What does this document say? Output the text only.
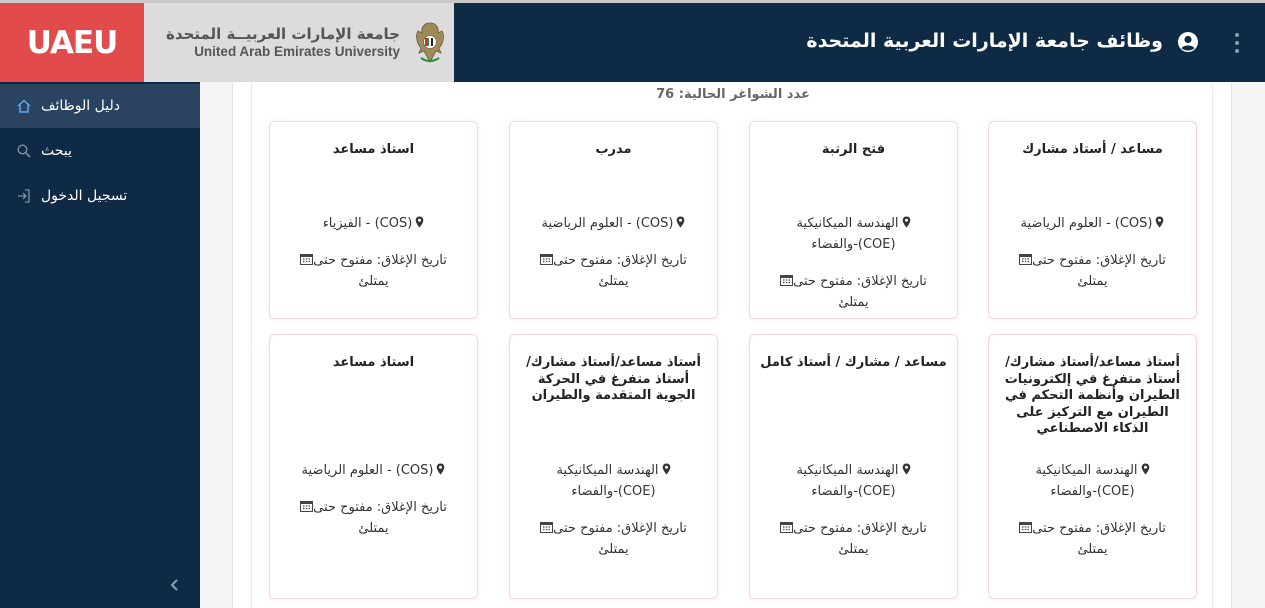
UAEU	جامعة الإمارات العربيــة المتحدة
United Arab Emirates University	وظائف جامعة الإمارات العربية المتحدة
دليل الوظائف
يبحث
تسجيل الدخول
عدد الشواغر الحالية: 76
مساعد / أستاذ مشارك
(COS) - العلوم الرياضية

تاريخ الإغلاق: مفتوح حتى
يمتلئ
فتح الرتبة
الهندسة الميكانيكية
(COE)-والفضاء
تاريخ الإغلاق: مفتوح حتى
يمتلئ
مدرب
(COS) - العلوم الرياضية

تاريخ الإغلاق: مفتوح حتى
يمتلئ
استاذ مساعد
(COS) - الفيزياء

تاريخ الإغلاق: مفتوح حتى
يمتلئ
أستاذ مساعد/أستاذ مشارك/ أستاذ متفرغ في إلكترونيات الطيران وأنظمة التحكم في الطيران مع التركيز على الذكاء الاصطناعي
الهندسة الميكانيكية
(COE)-والفضاء
تاريخ الإغلاق: مفتوح حتى
يمتلئ
مساعد / مشارك / أستاذ كامل
الهندسة الميكانيكية
(COE)-والفضاء
تاريخ الإغلاق: مفتوح حتى
يمتلئ
أستاذ مساعد/أستاذ مشارك/ أستاذ متفرغ في الحركة الجوية المتقدمة والطيران
الهندسة الميكانيكية
(COE)-والفضاء
تاريخ الإغلاق: مفتوح حتى
يمتلئ
استاذ مساعد
(COS) - العلوم الرياضية

تاريخ الإغلاق: مفتوح حتى
يمتلئ
